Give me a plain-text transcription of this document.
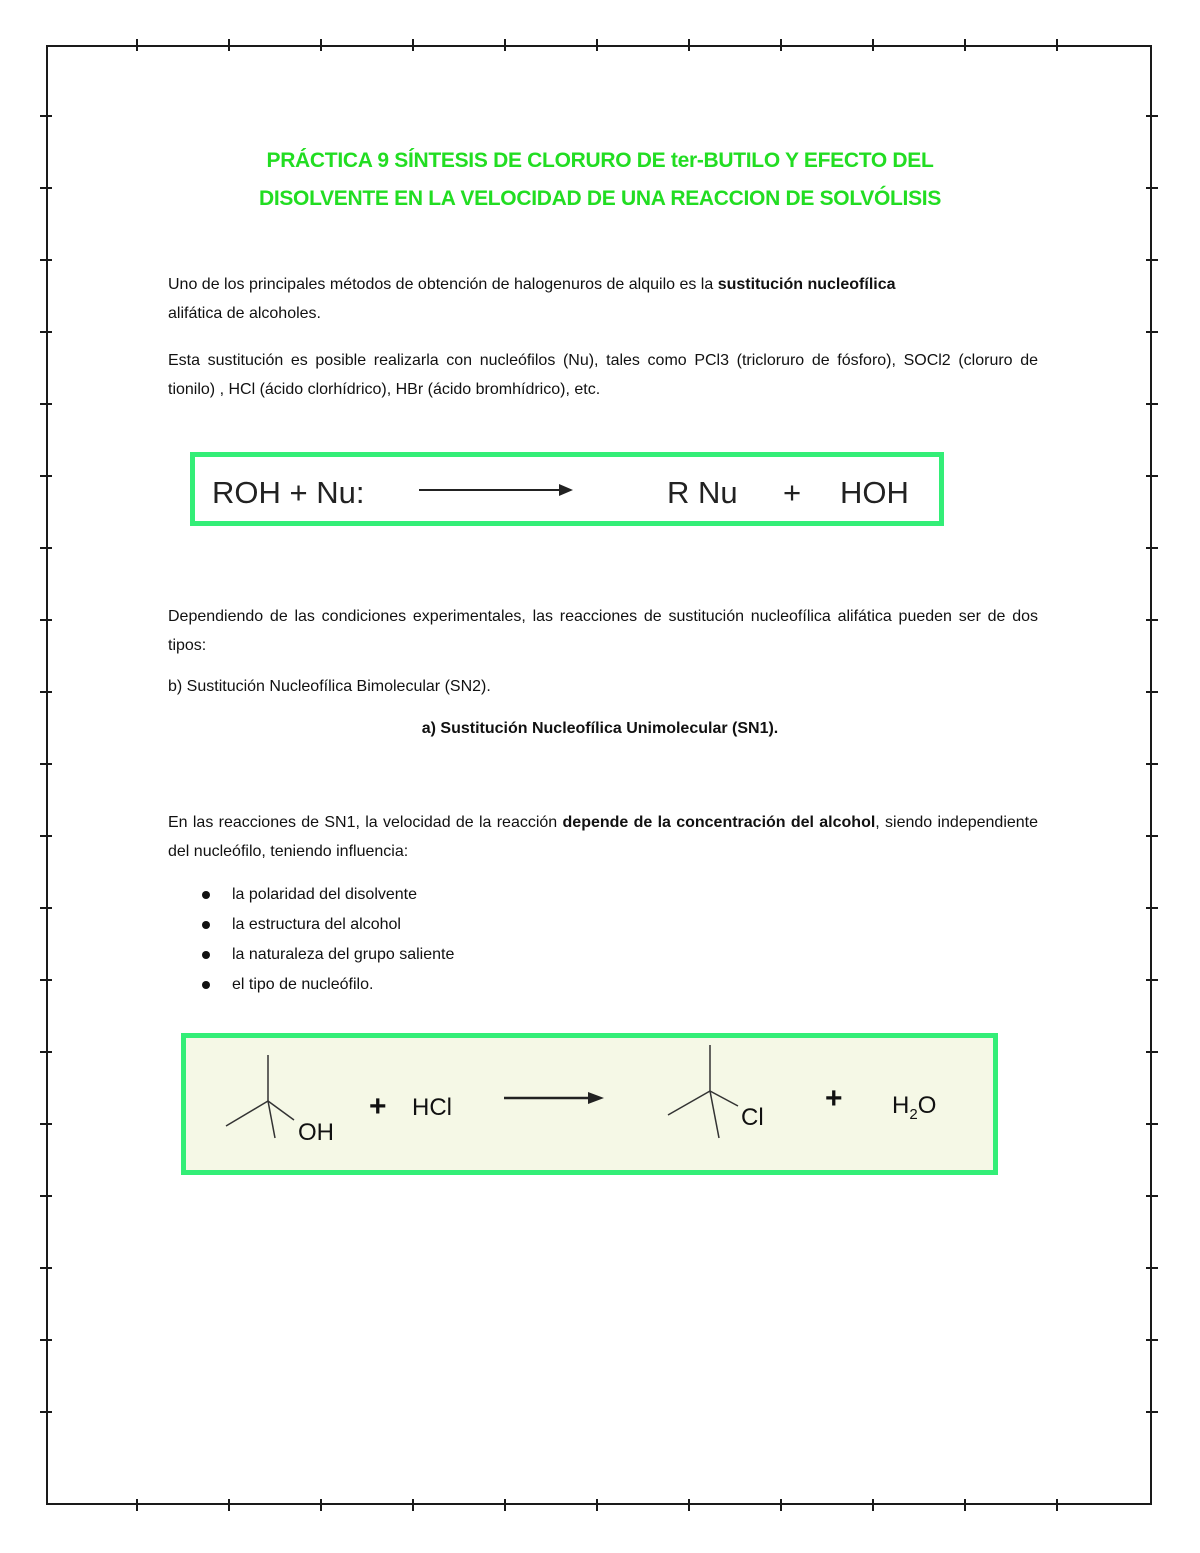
PRÁCTICA 9 SÍNTESIS DE CLORURO DE ter-BUTILO Y EFECTO DEL
DISOLVENTE EN LA VELOCIDAD DE UNA REACCION DE SOLVÓLISIS
Uno de los principales métodos de obtención de halogenuros de alquilo es la sustitución nucleofílica
alifática de alcoholes.
Esta sustitución es posible realizarla con nucleófilos (Nu), tales como PCl3 (tricloruro de fósforo), SOCl2 (cloruro de tionilo) , HCl (ácido clorhídrico), HBr (ácido bromhídrico), etc.
ROH + Nu:	R Nu + HOH
Dependiendo de las condiciones experimentales, las reacciones de sustitución nucleofílica alifática pueden ser de dos tipos:
b) Sustitución Nucleofílica Bimolecular (SN2).
a) Sustitución Nucleofílica Unimolecular (SN1).
En las reacciones de SN1, la velocidad de la reacción depende de la concentración del alcohol, siendo independiente del nucleófilo, teniendo influencia:
la polaridad del disolvente
la estructura del alcohol
la naturaleza del grupo saliente
el tipo de nucleófilo.
OH
+ HCl	Cl
+ $H_2O$
